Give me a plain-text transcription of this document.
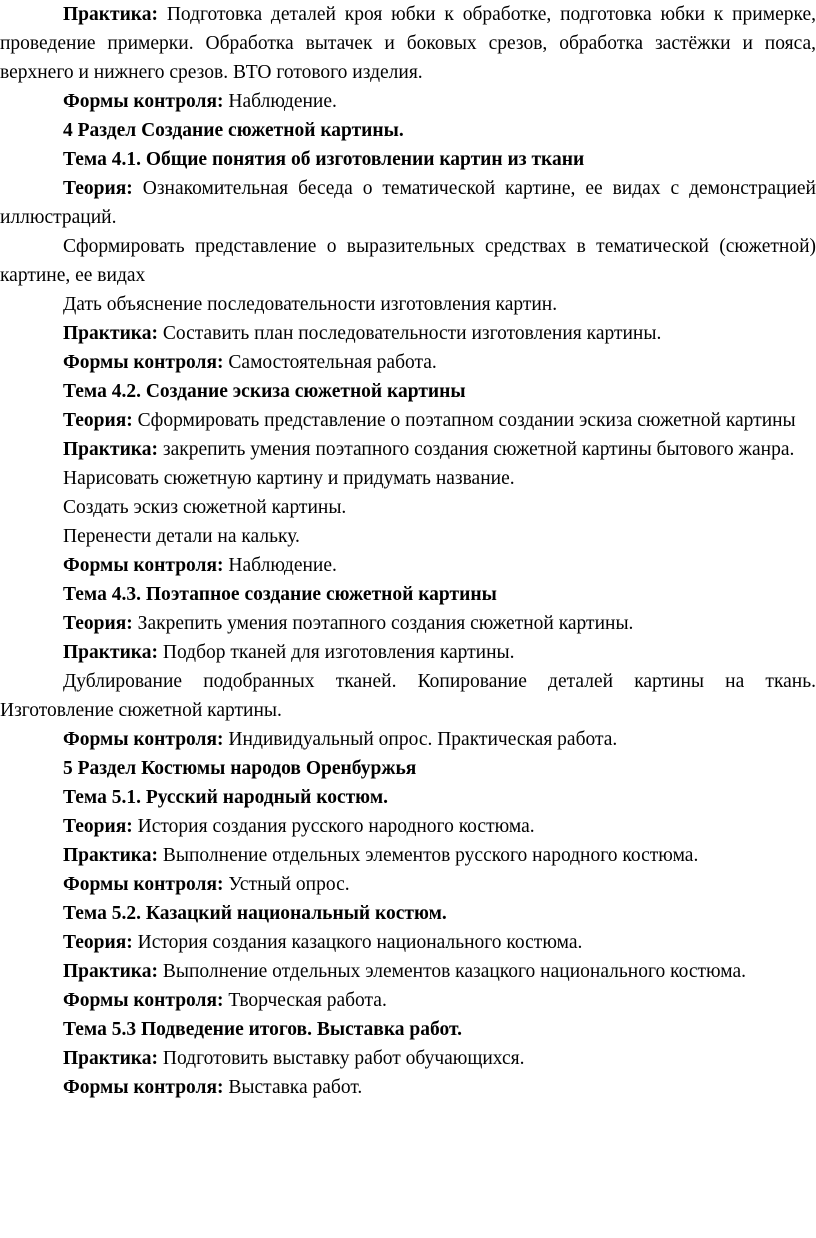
Практика: Подготовка деталей кроя юбки к обработке, подготовка юбки к примерке, проведение примерки. Обработка вытачек и боковых срезов, обработка застёжки и пояса, верхнего и нижнего срезов. ВТО готового изделия.

Формы контроля: Наблюдение.

4 Раздел Создание сюжетной картины.

Тема 4.1. Общие понятия об изготовлении картин из ткани

Теория: Ознакомительная беседа о тематической картине, ее видах с демонстрацией иллюстраций.

Сформировать представление о выразительных средствах в тематической (сюжетной) картине, ее видах

Дать объяснение последовательности изготовления картин.

Практика: Составить план последовательности изготовления картины.

Формы контроля: Самостоятельная работа.

Тема 4.2. Создание эскиза сюжетной картины

Теория: Сформировать представление о поэтапном создании эскиза сюжетной картины

Практика: закрепить умения поэтапного создания сюжетной картины бытового жанра.

Нарисовать сюжетную картину и придумать название.

Создать эскиз сюжетной картины.

Перенести детали на кальку.

Формы контроля: Наблюдение.

Тема 4.3. Поэтапное создание сюжетной картины

Теория: Закрепить умения поэтапного создания сюжетной картины.

Практика: Подбор тканей для изготовления картины.

Дублирование подобранных тканей. Копирование деталей картины на ткань. Изготовление сюжетной картины.

Формы контроля: Индивидуальный опрос. Практическая работа.

5 Раздел Костюмы народов Оренбуржья

Тема 5.1. Русский народный костюм.

Теория: История создания русского народного костюма.

Практика: Выполнение отдельных элементов русского народного костюма.

Формы контроля: Устный опрос.

Тема 5.2. Казацкий национальный костюм.

Теория: История создания казацкого национального костюма.

Практика: Выполнение отдельных элементов казацкого национального костюма.

Формы контроля: Творческая работа.

Тема 5.3 Подведение итогов. Выставка работ.

Практика: Подготовить выставку работ обучающихся.

Формы контроля: Выставка работ.
